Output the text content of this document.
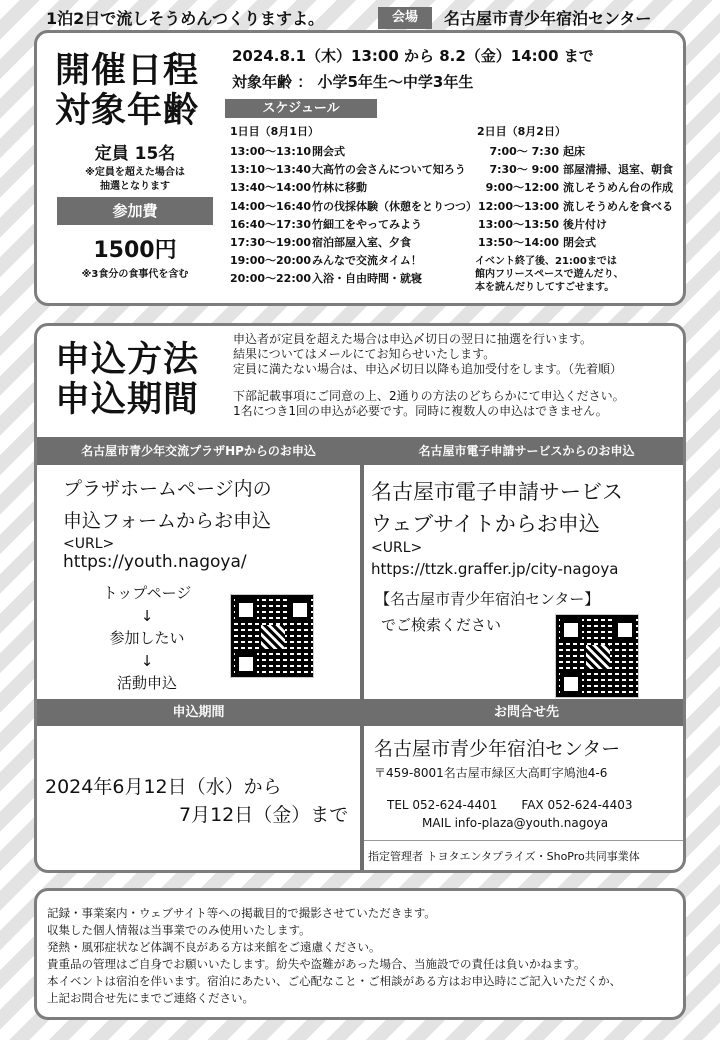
1泊2日で流しそうめんつくりますよ。	会場	名古屋市青少年宿泊センター
開催日程
対象年齢
定員 15名
※定員を超えた場合は
抽選となります
参加費
1500円
※3食分の食事代を含む
2024.8.1（木）13:00 から 8.2（金）14:00 まで
対象年齢 ： 小学5年生～中学3年生
スケジュール
1日目（8月1日）
13:00～13:10開会式
13:10～13:40大高竹の会さんについて知ろう
13:40～14:00竹林に移動
14:00～16:40竹の伐採体験（休憩をとりつつ）
16:40～17:30竹細工をやってみよう
17:30～19:00宿泊部屋入室、夕食
19:00～20:00みんなで交流タイム！
20:00～22:00入浴・自由時間・就寝
2日目（8月2日）
7:00～ 7:30 起床
7:30～ 9:00 部屋清掃、退室、朝食
9:00～12:00 流しそうめん台の作成
12:00～13:00 流しそうめんを食べる
13:00～13:50 後片付け
13:50～14:00 閉会式
イベント終了後、21:00までは
館内フリースペースで遊んだり、
本を読んだりしてすごせます。
申込方法
申込期間
申込者が定員を超えた場合は申込〆切日の翌日に抽選を行います。
結果についてはメールにてお知らせいたします。
定員に満たない場合は、申込〆切日以降も追加受付をします。（先着順）
下部記載事項にご同意の上、2通りの方法のどちらかにて申込ください。
1名につき1回の申込が必要です。同時に複数人の申込はできません。
名古屋市青少年交流プラザHPからのお申込	名古屋市電子申請サービスからのお申込
申込期間	お問合せ先
プラザホームページ内の
申込フォームからお申込
<URL>
https://youth.nagoya/
トップページ
↓
参加したい
↓
活動申込
名古屋市電子申請サービス
ウェブサイトからお申込
<URL>
https://ttzk.graffer.jp/city-nagoya
【名古屋市青少年宿泊センター】
でご検索ください
2024年6月12日（水）から
7月12日（金）まで
名古屋市青少年宿泊センター
〒459-8001名古屋市緑区大高町字鳩池4-6
TEL 052-624-4401　　FAX 052-624-4403
MAIL info-plaza@youth.nagoya
指定管理者 トヨタエンタプライズ・ShoPro共同事業体
記録・事業案内・ウェブサイト等への掲載目的で撮影させていただきます。
収集した個人情報は当事業でのみ使用いたします。
発熱・風邪症状など体調不良がある方は来館をご遠慮ください。
貴重品の管理はご自身でお願いいたします。紛失や盗難があった場合、当施設での責任は負いかねます。
本イベントは宿泊を伴います。宿泊にあたい、ご心配なこと・ご相談がある方はお申込時にご記入いただくか、
上記お問合せ先にまでご連絡ください。
